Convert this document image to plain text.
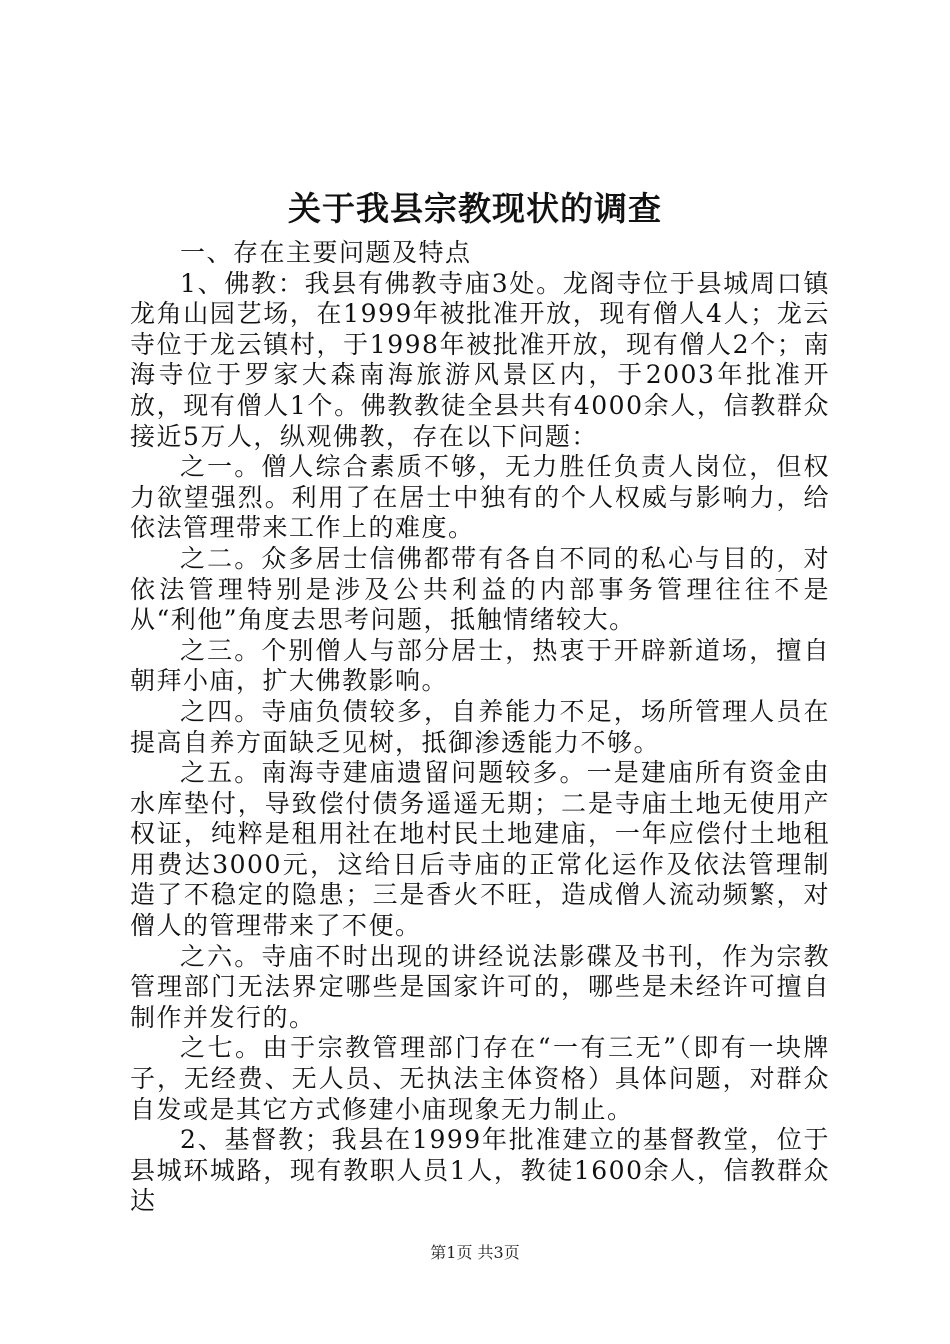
关于我县宗教现状的调查

一、存在主要问题及特点

1、佛教：我县有佛教寺庙3处。龙阁寺位于县城周口镇龙角山园艺场，在1999年被批准开放，现有僧人4人；龙云寺位于龙云镇村，于1998年被批准开放，现有僧人2个；南海寺位于罗家大森南海旅游风景区内，于2003年批准开放，现有僧人1个。佛教教徒全县共有4000余人，信教群众接近5万人，纵观佛教，存在以下问题：

之一。僧人综合素质不够，无力胜任负责人岗位，但权力欲望强烈。利用了在居士中独有的个人权威与影响力，给依法管理带来工作上的难度。

之二。众多居士信佛都带有各自不同的私心与目的，对依法管理特别是涉及公共利益的内部事务管理往往不是从“利他”角度去思考问题，抵触情绪较大。

之三。个别僧人与部分居士，热衷于开辟新道场，擅自朝拜小庙，扩大佛教影响。

之四。寺庙负债较多，自养能力不足，场所管理人员在提高自养方面缺乏见树，抵御渗透能力不够。

之五。南海寺建庙遗留问题较多。一是建庙所有资金由水库垫付，导致偿付债务遥遥无期；二是寺庙土地无使用产权证，纯粹是租用社在地村民土地建庙，一年应偿付土地租用费达3000元，这给日后寺庙的正常化运作及依法管理制造了不稳定的隐患；三是香火不旺，造成僧人流动频繁，对僧人的管理带来了不便。

之六。寺庙不时出现的讲经说法影碟及书刊，作为宗教管理部门无法界定哪些是国家许可的，哪些是未经许可擅自制作并发行的。

之七。由于宗教管理部门存在“一有三无”（即有一块牌子，无经费、无人员、无执法主体资格）具体问题，对群众自发或是其它方式修建小庙现象无力制止。

2、基督教；我县在1999年批准建立的基督教堂，位于县城环城路，现有教职人员1人，教徒1600余人，信教群众达

第1页 共3页
